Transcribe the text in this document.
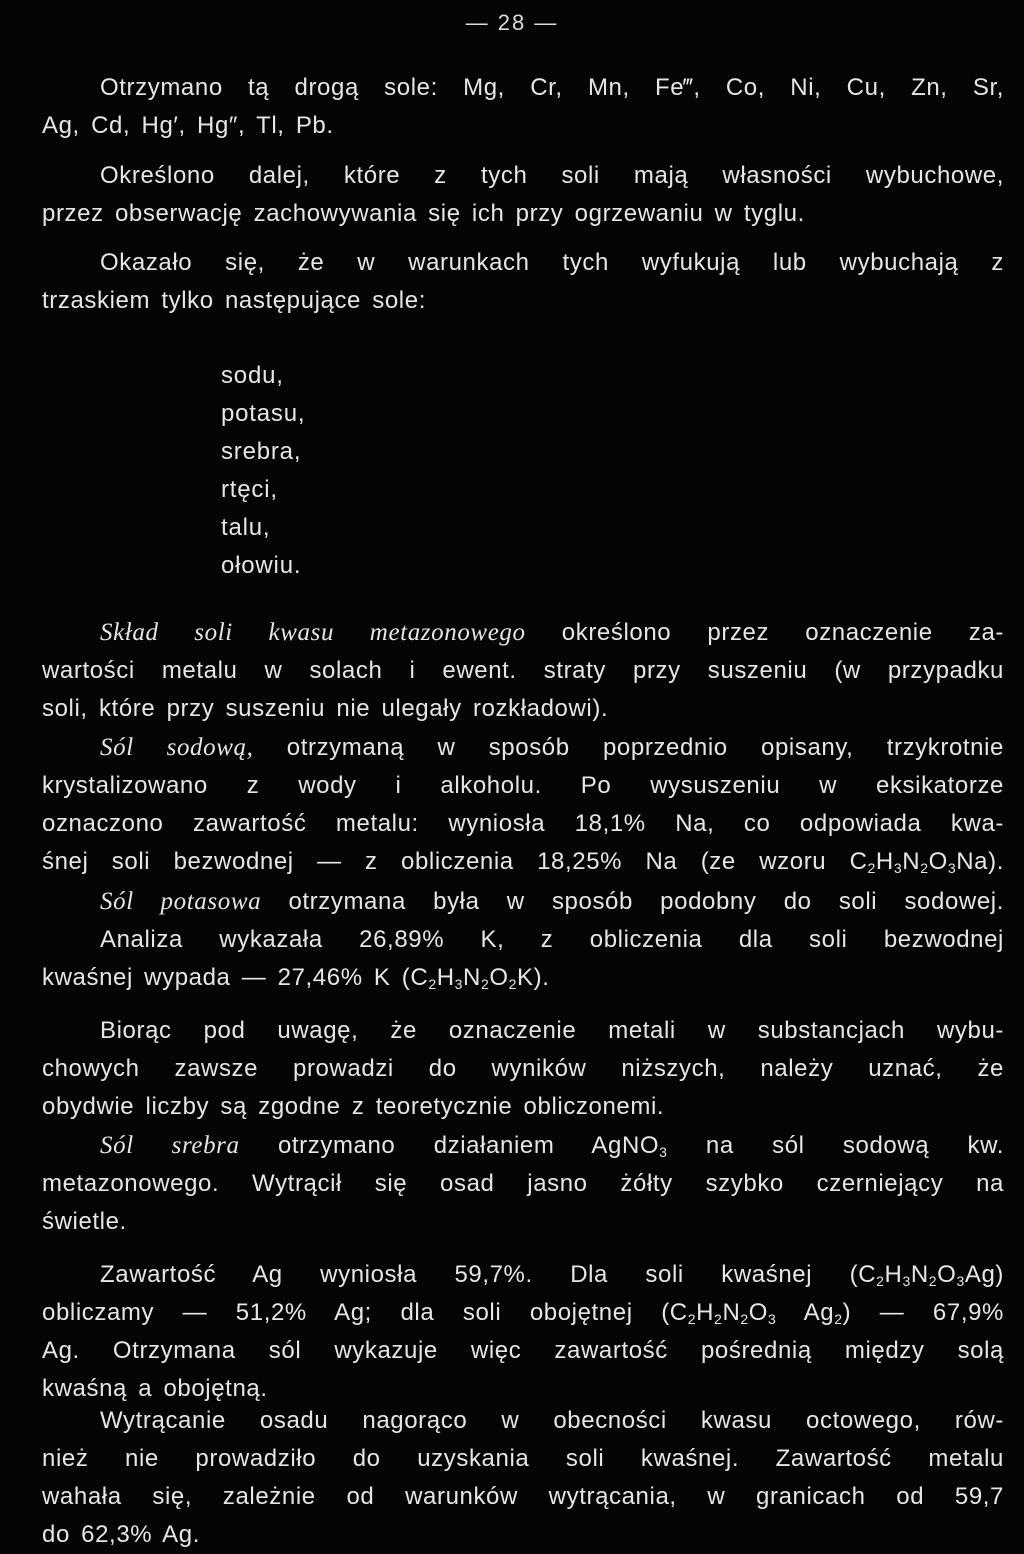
— 28 —
Otrzymano tą drogą sole: Mg, Cr, Mn, Fe‴, Co, Ni, Cu, Zn, Sr,
Ag, Cd, Hg′, Hg″, Tl, Pb.
Określono dalej, które z tych soli mają własności wybuchowe,
przez obserwację zachowywania się ich przy ogrzewaniu w tyglu.
Okazało się, że w warunkach tych wyfukują lub wybuchają z
trzaskiem tylko następujące sole:
sodu,
potasu,
srebra,
rtęci,
talu,
ołowiu.
Skład soli kwasu metazonowego określono przez oznaczenie za-
wartości metalu w solach i ewent. straty przy suszeniu (w przypadku
soli, które przy suszeniu nie ulegały rozkładowi).
Sól sodową, otrzymaną w sposób poprzednio opisany, trzykrotnie
krystalizowano z wody i alkoholu. Po wysuszeniu w eksikatorze
oznaczono zawartość metalu: wyniosła 18,1% Na, co odpowiada kwa-
śnej soli bezwodnej — z obliczenia 18,25% Na (ze wzoru $C_2H_3N_2O_3Na$).
Sól potasowa otrzymana była w sposób podobny do soli sodowej.
Analiza wykazała 26,89% K, z obliczenia dla soli bezwodnej
kwaśnej wypada — 27,46% K $(C_2H_3N_2O_2K)$.
Biorąc pod uwagę, że oznaczenie metali w substancjach wybu-
chowych zawsze prowadzi do wyników niższych, należy uznać, że
obydwie liczby są zgodne z teoretycznie obliczonemi.
Sól srebra otrzymano działaniem AgNO$_3$ na sól sodową kw.
metazonowego. Wytrącił się osad jasno żółty szybko czerniejący na
świetle.
Zawartość Ag wyniosła 59,7%. Dla soli kwaśnej $(C_2H_3N_2O_3Ag)$
obliczamy — 51,2% Ag; dla soli obojętnej ($C_2H_2N_2O_3$ $Ag_2$) — 67,9%
Ag. Otrzymana sól wykazuje więc zawartość pośrednią między solą
kwaśną a obojętną.
Wytrącanie osadu nagorąco w obecności kwasu octowego, rów-
nież nie prowadziło do uzyskania soli kwaśnej. Zawartość metalu
wahała się, zależnie od warunków wytrącania, w granicach od 59,7
do 62,3% Ag.
